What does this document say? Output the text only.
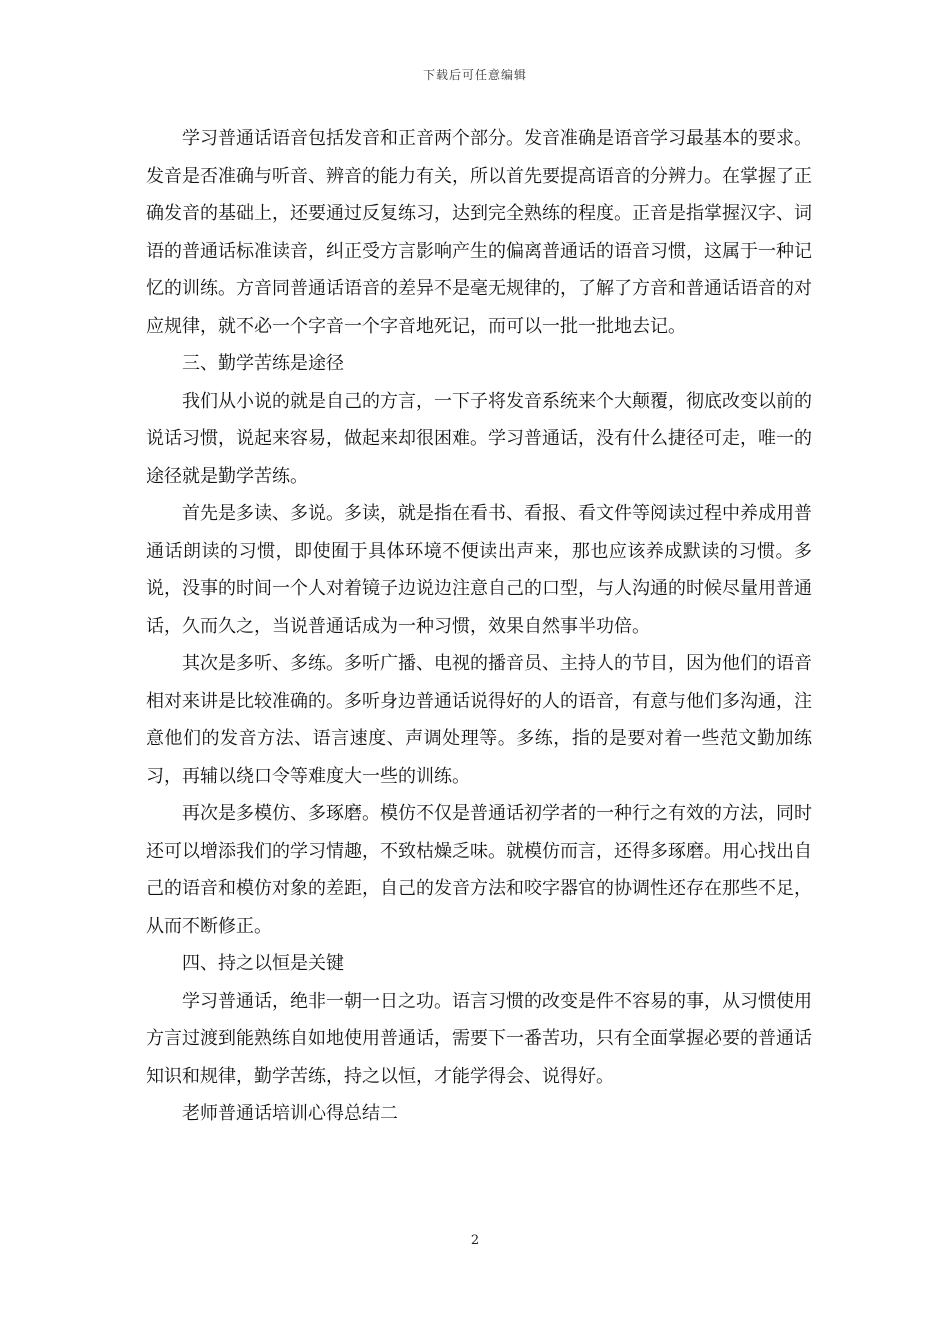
下载后可任意编辑

学习普通话语音包括发音和正音两个部分。发音准确是语音学习最基本的要求。发音是否准确与听音、辨音的能力有关，所以首先要提高语音的分辨力。在掌握了正确发音的基础上，还要通过反复练习，达到完全熟练的程度。正音是指掌握汉字、词语的普通话标准读音，纠正受方言影响产生的偏离普通话的语音习惯，这属于一种记忆的训练。方音同普通话语音的差异不是毫无规律的，了解了方音和普通话语音的对应规律，就不必一个字音一个字音地死记，而可以一批一批地去记。

三、勤学苦练是途径

我们从小说的就是自己的方言，一下子将发音系统来个大颠覆，彻底改变以前的说话习惯，说起来容易，做起来却很困难。学习普通话，没有什么捷径可走，唯一的途径就是勤学苦练。

首先是多读、多说。多读，就是指在看书、看报、看文件等阅读过程中养成用普通话朗读的习惯，即使囿于具体环境不便读出声来，那也应该养成默读的习惯。多说，没事的时间一个人对着镜子边说边注意自己的口型，与人沟通的时候尽量用普通话，久而久之，当说普通话成为一种习惯，效果自然事半功倍。

其次是多听、多练。多听广播、电视的播音员、主持人的节目，因为他们的语音相对来讲是比较准确的。多听身边普通话说得好的人的语音，有意与他们多沟通，注意他们的发音方法、语言速度、声调处理等。多练，指的是要对着一些范文勤加练习，再辅以绕口令等难度大一些的训练。

再次是多模仿、多琢磨。模仿不仅是普通话初学者的一种行之有效的方法，同时还可以增添我们的学习情趣，不致枯燥乏味。就模仿而言，还得多琢磨。用心找出自己的语音和模仿对象的差距，自己的发音方法和咬字器官的协调性还存在那些不足，从而不断修正。

四、持之以恒是关键

学习普通话，绝非一朝一日之功。语言习惯的改变是件不容易的事，从习惯使用方言过渡到能熟练自如地使用普通话，需要下一番苦功，只有全面掌握必要的普通话知识和规律，勤学苦练，持之以恒，才能学得会、说得好。

老师普通话培训心得总结二

2
